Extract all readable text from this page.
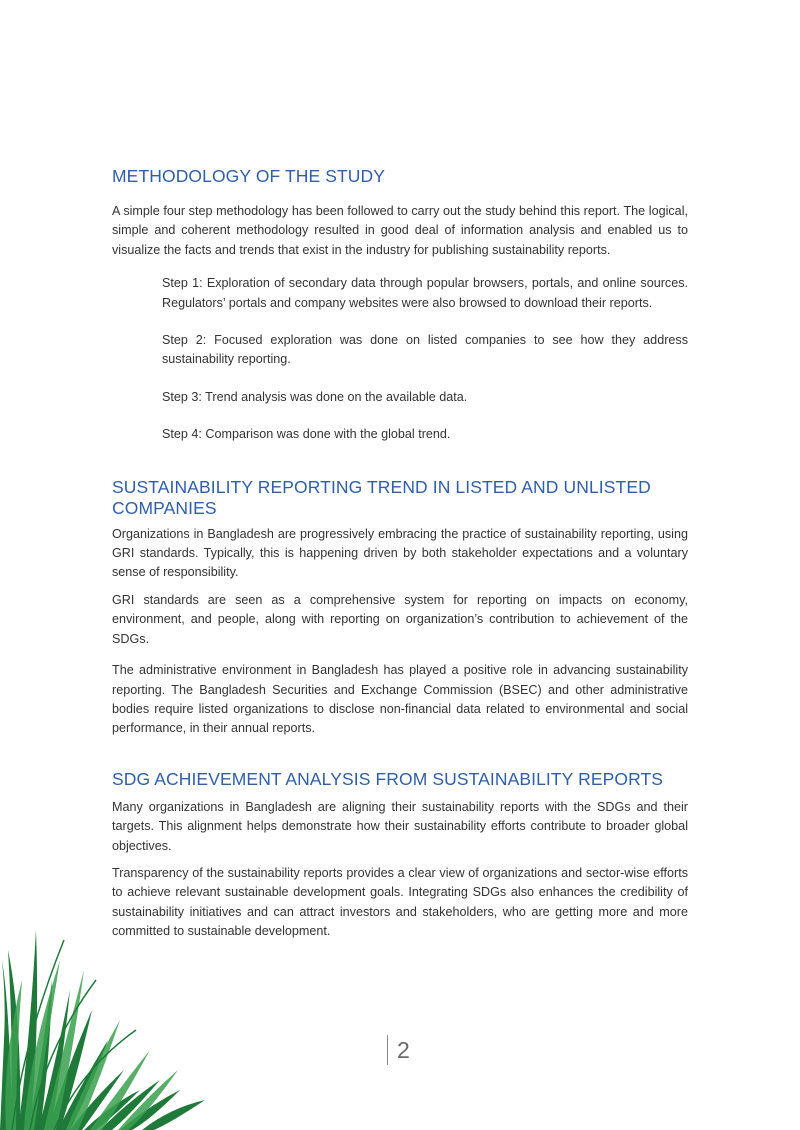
METHODOLOGY OF THE STUDY

A simple four step methodology has been followed to carry out the study behind this report. The logical, simple and coherent methodology resulted in good deal of information analysis and enabled us to visualize the facts and trends that exist in the industry for publishing sustainability reports.

Step 1: Exploration of secondary data through popular browsers, portals, and online sources. Regulators’ portals and company websites were also browsed to download their reports.

Step 2: Focused exploration was done on listed companies to see how they address sustainability reporting.

Step 3: Trend analysis was done on the available data.

Step 4: Comparison was done with the global trend.

SUSTAINABILITY REPORTING TREND IN LISTED AND UNLISTED COMPANIES

Organizations in Bangladesh are progressively embracing the practice of sustainability reporting, using GRI standards. Typically, this is happening driven by both stakeholder expectations and a voluntary sense of responsibility.

GRI standards are seen as a comprehensive system for reporting on impacts on economy, environment, and people, along with reporting on organization’s contribution to achievement of the SDGs.

The administrative environment in Bangladesh has played a positive role in advancing sustainability reporting. The Bangladesh Securities and Exchange Commission (BSEC) and other administrative bodies require listed organizations to disclose non-financial data related to environmental and social performance, in their annual reports.

SDG ACHIEVEMENT ANALYSIS FROM SUSTAINABILITY REPORTS

Many organizations in Bangladesh are aligning their sustainability reports with the SDGs and their targets. This alignment helps demonstrate how their sustainability efforts contribute to broader global objectives.

Transparency of the sustainability reports provides a clear view of organizations and sector-wise efforts to achieve relevant sustainable development goals. Integrating SDGs also enhances the credibility of sustainability initiatives and can attract investors and stakeholders, who are getting more and more committed to sustainable development.

2
